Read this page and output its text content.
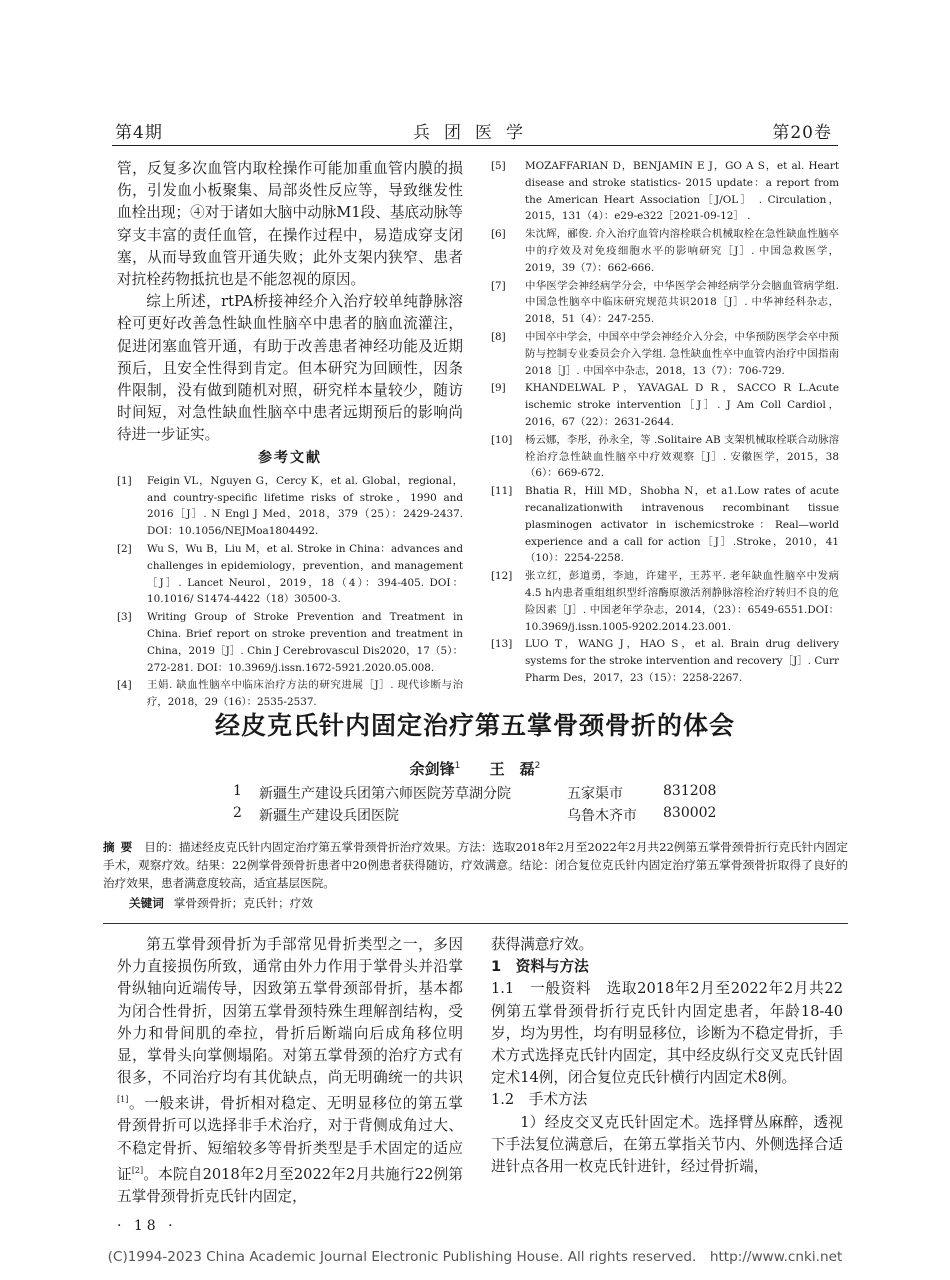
第4期	兵团医学	第20卷

管，反复多次血管内取栓操作可能加重血管内膜的损伤，引发血小板聚集、局部炎性反应等，导致继发性血栓出现；④对于诸如大脑中动脉M1段、基底动脉等穿支丰富的责任血管，在操作过程中，易造成穿支闭塞，从而导致血管开通失败；此外支架内狭窄、患者对抗栓药物抵抗也是不能忽视的原因。

综上所述，rtPA桥接神经介入治疗较单纯静脉溶栓可更好改善急性缺血性脑卒中患者的脑血流灌注，促进闭塞血管开通，有助于改善患者神经功能及近期预后，且安全性得到肯定。但本研究为回顾性，因条件限制，没有做到随机对照，研究样本量较少，随访时间短，对急性缺血性脑卒中患者远期预后的影响尚待进一步证实。

参考文献
[1]	Feigin VL，Nguyen G，Cercy K，et al. Global，regional，and country-specific lifetime risks of stroke，1990 and 2016［J］. N Engl J Med，2018，379（25）：2429-2437. DOI：10.1056/NEJMoa1804492.
[2]	Wu S，Wu B，Liu M，et al. Stroke in China：advances and challenges in epidemiology，prevention，and management［J］. Lancet Neurol，2019，18（4）：394-405. DOI：10.1016/ S1474-4422（18）30500-3.
[3]	Writing Group of Stroke Prevention and Treatment in China. Brief report on stroke prevention and treatment in China，2019［J］. Chin J Cerebrovascul Dis2020，17（5）：272-281. DOI：10.3969/j.issn.1672-5921.2020.05.008.
[4]	王娟. 缺血性脑卒中临床治疗方法的研究进展［J］. 现代诊断与治疗，2018，29（16）：2535-2537.
[5]	MOZAFFARIAN D，BENJAMIN E J，GO A S，et al. Heart disease and stroke statistics- 2015 update：a report from the American Heart Association［J/OL］ . Circulation，2015，131（4）：e29-e322［2021-09-12］ .
[6]	朱沈辉，郦俊. 介入治疗血管内溶栓联合机械取栓在急性缺血性脑卒中的疗效及对免疫细胞水平的影响研究［J］. 中国急救医学，2019，39（7）：662-666.
[7]	中华医学会神经病学分会，中华医学会神经病学分会脑血管病学组. 中国急性脑卒中临床研究规范共识2018［J］. 中华神经科杂志，2018，51（4）：247-255.
[8]	中国卒中学会，中国卒中学会神经介入分会，中华预防医学会卒中预防与控制专业委员会介入学组. 急性缺血性卒中血管内治疗中国指南2018［J］. 中国卒中杂志，2018，13（7）：706-729.
[9]	KHANDELWAL P，YAVAGAL D R，SACCO R L.Acute ischemic stroke intervention［J］. J Am Coll Cardiol，2016，67（22）：2631-2644.
[10]	杨云娜，李彤，孙永全，等 .Solitaire AB 支架机械取栓联合动脉溶栓治疗急性缺血性脑卒中疗效观察［J］. 安徽医学，2015，38（6）：669-672.
[11]	Bhatia R，Hill MD，Shobha N，et a1.Low rates of acute recanalizationwith intravenous recombinant tissue plasminogen activator in ischemicstroke：Real—world experience and a call for action［J］.Stroke，2010，41（10）：2254-2258.
[12]	张立红，彭道勇，李迪，许建平，王苏平. 老年缺血性脑卒中发病4.5 h内患者重组组织型纤溶酶原激活剂静脉溶栓治疗转归不良的危险因素［J］. 中国老年学杂志，2014，（23）：6549-6551.DOI：10.3969/j.issn.1005-9202.2014.23.001.
[13]	LUO T，WANG J，HAO S，et al. Brain drug delivery systems for the stroke intervention and recovery［J］. Curr Pharm Des，2017，23（15）：2258-2267.
经皮克氏针内固定治疗第五掌骨颈骨折的体会
余剑锋$^1$ 王　磊$^2$
1	新疆生产建设兵团第六师医院芳草湖分院	五家渠市	831208
2	新疆生产建设兵团医院	乌鲁木齐市	830002
摘要 目的：描述经皮克氏针内固定治疗第五掌骨颈骨折治疗效果。方法：选取2018年2月至2022年2月共22例第五掌骨颈骨折行克氏针内固定手术，观察疗效。结果：22例掌骨颈骨折患者中20例患者获得随访，疗效满意。结论：闭合复位克氏针内固定治疗第五掌骨颈骨折取得了良好的治疗效果，患者满意度较高，适宜基层医院。
关键词 掌骨颈骨折；克氏针；疗效

第五掌骨颈骨折为手部常见骨折类型之一，多因外力直接损伤所致，通常由外力作用于掌骨头并沿掌骨纵轴向近端传导，因致第五掌骨颈部骨折，基本都为闭合性骨折，因第五掌骨颈特殊生理解剖结构，受外力和骨间肌的牵拉，骨折后断端向后成角移位明显，掌骨头向掌侧塌陷。对第五掌骨颈的治疗方式有很多，不同治疗均有其优缺点，尚无明确统一的共识[1]。一般来讲，骨折相对稳定、无明显移位的第五掌骨颈骨折可以选择非手术治疗，对于背侧成角过大、不稳定骨折、短缩较多等骨折类型是手术固定的适应证[2]。本院自2018年2月至2022年2月共施行22例第五掌骨颈骨折克氏针内固定，

获得满意疗效。

1　资料与方法

1.1　一般资料　选取2018年2月至2022年2月共22例第五掌骨颈骨折行克氏针内固定患者，年龄18-40岁，均为男性，均有明显移位，诊断为不稳定骨折，手术方式选择克氏针内固定，其中经皮纵行交叉克氏针固定术14例，闭合复位克氏针横行内固定术8例。

1.2　手术方法

1）经皮交叉克氏针固定术。选择臂丛麻醉，透视下手法复位满意后，在第五掌指关节内、外侧选择合适进针点各用一枚克氏针进针，经过骨折端，

· 18 ·
(C)1994-2023 China Academic Journal Electronic Publishing House. All rights reserved.　http://www.cnki.net
